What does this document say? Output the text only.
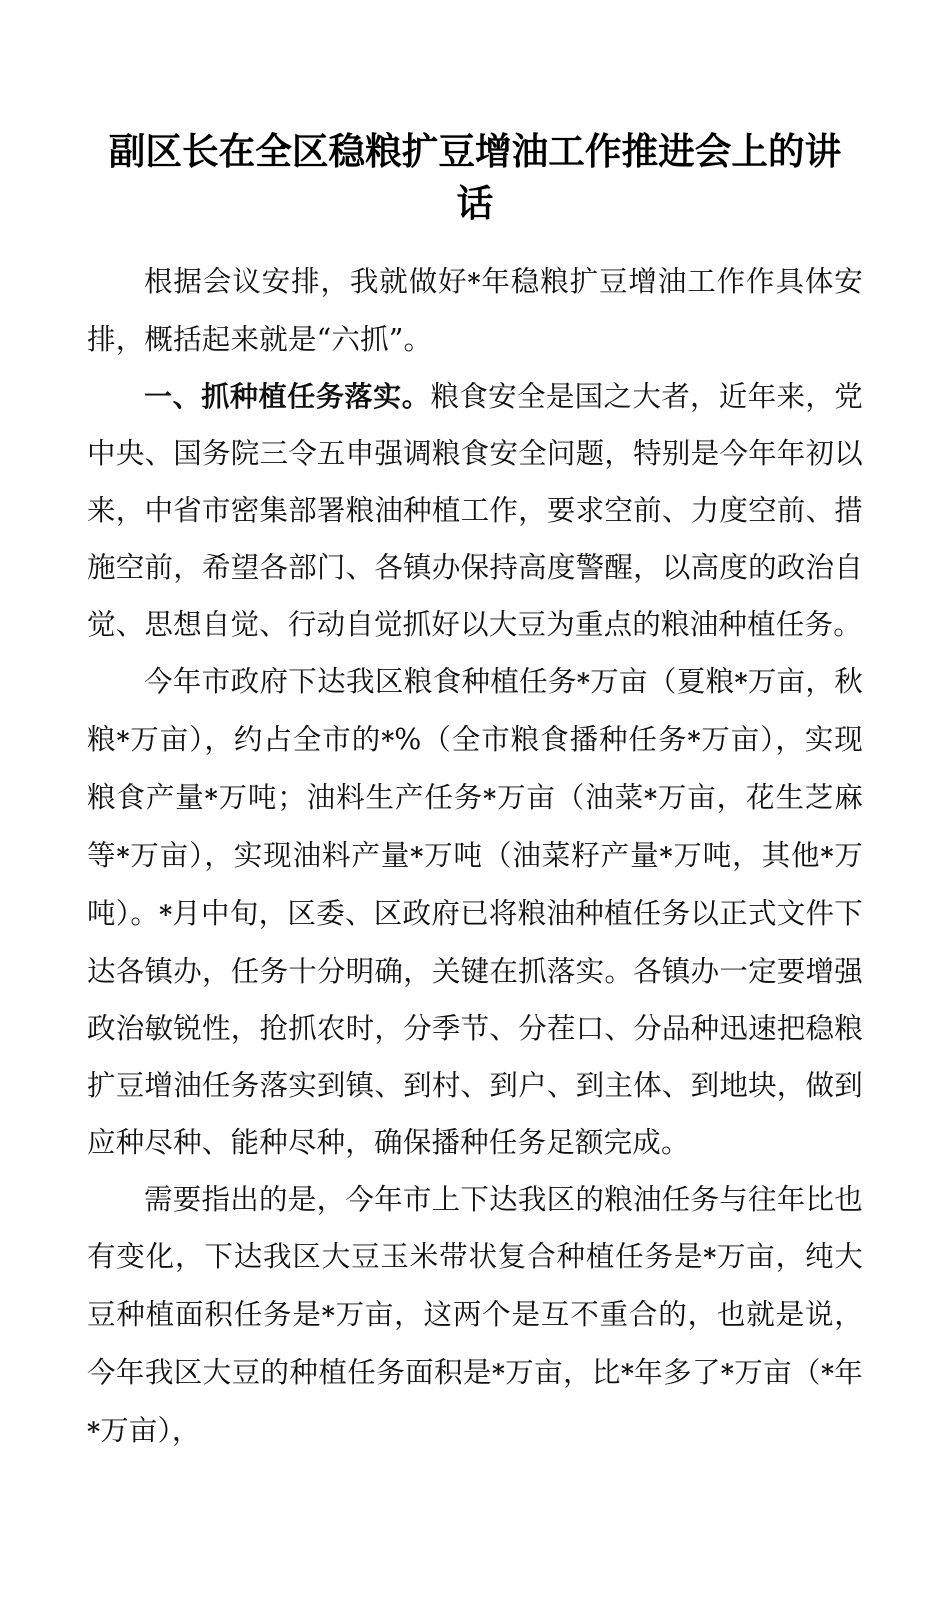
副区长在全区稳粮扩豆增油工作推进会上的讲话

根据会议安排，我就做好*年稳粮扩豆增油工作作具体安排，概括起来就是“六抓”。

一、抓种植任务落实。粮食安全是国之大者，近年来，党中央、国务院三令五申强调粮食安全问题，特别是今年年初以来，中省市密集部署粮油种植工作，要求空前、力度空前、措施空前，希望各部门、各镇办保持高度警醒，以高度的政治自觉、思想自觉、行动自觉抓好以大豆为重点的粮油种植任务。

今年市政府下达我区粮食种植任务*万亩（夏粮*万亩，秋粮*万亩），约占全市的*%（全市粮食播种任务*万亩），实现粮食产量*万吨；油料生产任务*万亩（油菜*万亩，花生芝麻等*万亩），实现油料产量*万吨（油菜籽产量*万吨，其他*万吨）。*月中旬，区委、区政府已将粮油种植任务以正式文件下达各镇办，任务十分明确，关键在抓落实。各镇办一定要增强政治敏锐性，抢抓农时，分季节、分茬口、分品种迅速把稳粮扩豆增油任务落实到镇、到村、到户、到主体、到地块，做到应种尽种、能种尽种，确保播种任务足额完成。

需要指出的是，今年市上下达我区的粮油任务与往年比也有变化，下达我区大豆玉米带状复合种植任务是*万亩，纯大豆种植面积任务是*万亩，这两个是互不重合的，也就是说，今年我区大豆的种植任务面积是*万亩，比*年多了*万亩（*年*万亩），
